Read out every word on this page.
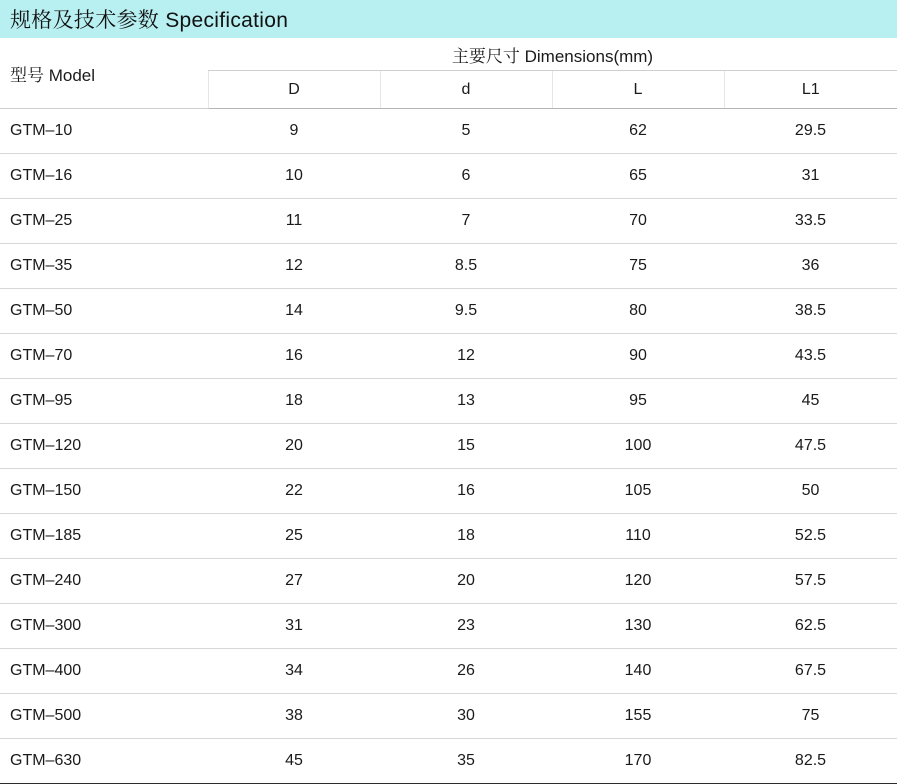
规格及技术参数 Specification
型号 Model	主要尺寸 Dimensions(mm)			
	D	d	L	L1
GTM–10	9	5	62	29.5
GTM–16	10	6	65	31
GTM–25	11	7	70	33.5
GTM–35	12	8.5	75	36
GTM–50	14	9.5	80	38.5
GTM–70	16	12	90	43.5
GTM–95	18	13	95	45
GTM–120	20	15	100	47.5
GTM–150	22	16	105	50
GTM–185	25	18	110	52.5
GTM–240	27	20	120	57.5
GTM–300	31	23	130	62.5
GTM–400	34	26	140	67.5
GTM–500	38	30	155	75
GTM–630	45	35	170	82.5
